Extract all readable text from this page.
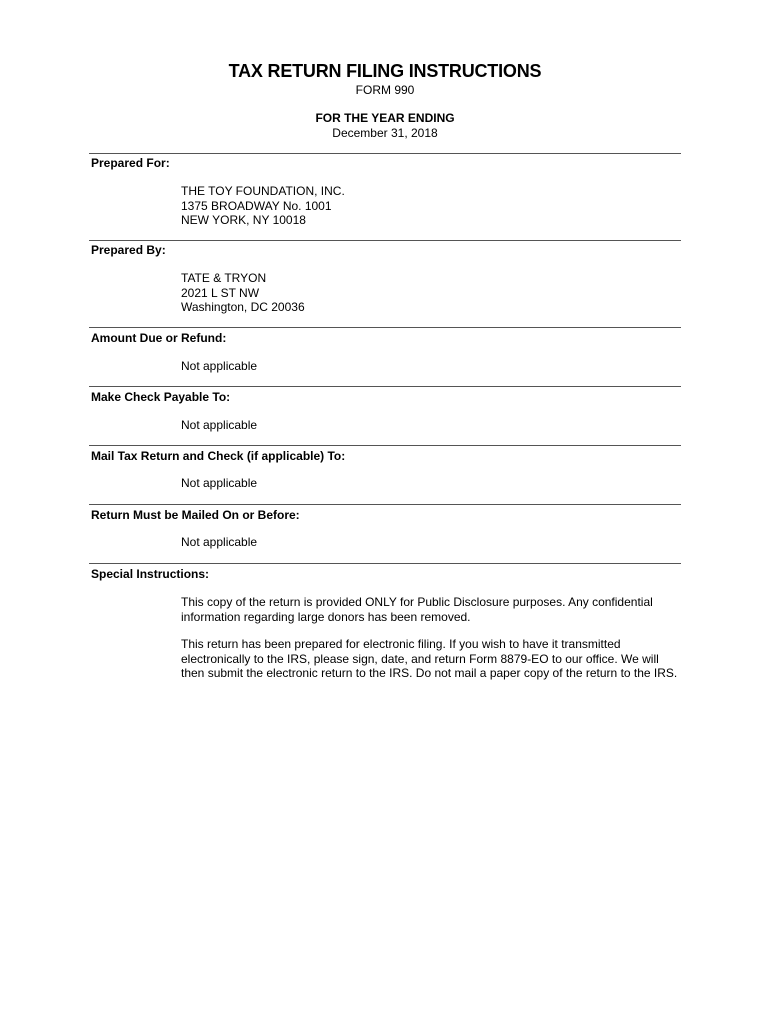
TAX RETURN FILING INSTRUCTIONS
FORM 990
FOR THE YEAR ENDING
December 31, 2018
Prepared For:
THE TOY FOUNDATION, INC.
1375 BROADWAY No. 1001
NEW YORK, NY 10018
Prepared By:
TATE & TRYON
2021 L ST NW
Washington, DC 20036
Amount Due or Refund:
Not applicable
Make Check Payable To:
Not applicable
Mail Tax Return and Check (if applicable) To:
Not applicable
Return Must be Mailed On or Before:
Not applicable
Special Instructions:
This copy of the return is provided ONLY for Public Disclosure purposes. Any confidential information regarding large donors has been removed.
This return has been prepared for electronic filing. If you wish to have it transmitted electronically to the IRS, please sign, date, and return Form 8879-EO to our office. We will then submit the electronic return to the IRS. Do not mail a paper copy of the return to the IRS.
